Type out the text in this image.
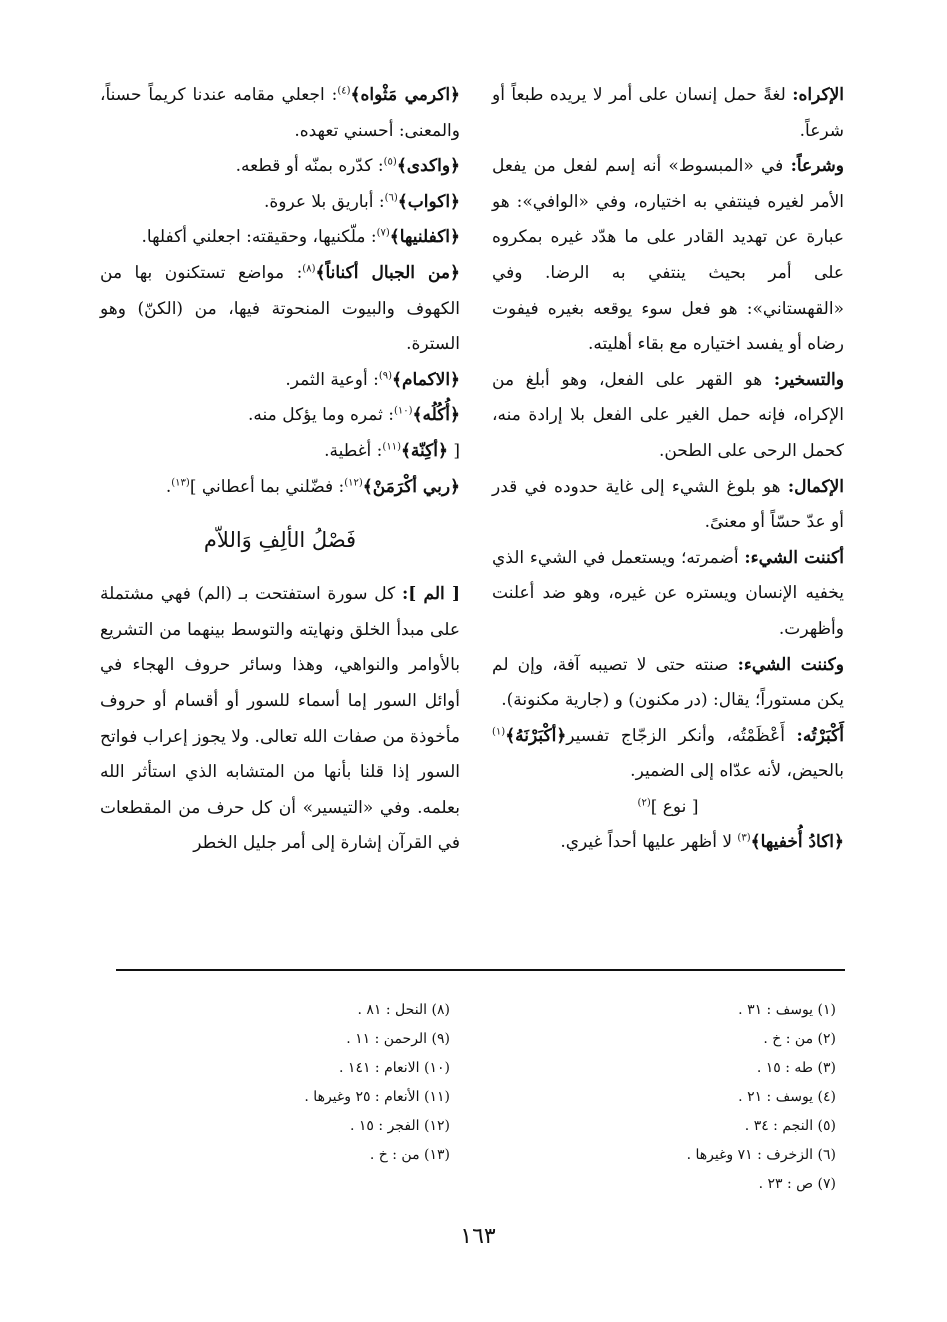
الإكراه: لغةً حمل إنسان على أمر لا يريده طبعاً أو شرعاً.

وشرعاً: في «المبسوط» أنه إسم لفعل من يفعل الأمر لغيره فينتفي به اختياره، وفي «الوافي»: هو عبارة عن تهديد القادر على ما هدّد غيره بمكروه على أمر بحيث ينتفي به الرضا. وفي «القهستاني»: هو فعل سوء يوقعه بغيره فيفوت رضاه أو يفسد اختياره مع بقاء أهليته.

والتسخير: هو القهر على الفعل، وهو أبلغ من الإكراه، فإنه حمل الغير على الفعل بلا إرادة منه، كحمل الرحى على الطحن.

الإكمال: هو بلوغ الشيء إلى غاية حدوده في قدر أو عدّ حسّاً أو معنىً.

أكننت الشيء: أضمرته؛ ويستعمل في الشيء الذي يخفيه الإنسان ويستره عن غيره، وهو ضد أعلنت وأظهرت.

وكننت الشيء: صنته حتى لا تصيبه آفة، وإن لم يكن مستوراً؛ يقال: (در مكنون) و (جارية مكنونة).

أَكْبَرْتُه: أَعْظَمْتُه، وأنكر الزجّاج تفسير﴿أكْبَرْنَهُ﴾$^{(١)}$ بالحيض، لأنه عدّاه إلى الضمير.

[ نوع ]$^{(٢)}$

﴿اكادُ أُخفيها﴾$^{(٣)}$ لا أظهر عليها أحداً غيري.

﴿اكرمي مَثْواه﴾$^{(٤)}$: اجعلي مقامه عندنا كريماً حسناً، والمعنى: أحسني تعهده.

﴿واكدى﴾$^{(٥)}$: كدّره بمنّه أو قطعه.

﴿اكواب﴾$^{(٦)}$: أباريق بلا عروة.

﴿اكفلنيها﴾$^{(٧)}$: ملّكنيها، وحقيقته: اجعلني أكفلها.

﴿من الجبال أكناناً﴾$^{(٨)}$: مواضع تستكنون بها من الكهوف والبيوت المنحوتة فيها، من (الكنّ) وهو السترة.

﴿الاكمام﴾$^{(٩)}$: أوعية الثمر.

﴿أُكُلُه﴾$^{(١٠)}$: ثمره وما يؤكل منه.

[ ﴿أكِنّة﴾$^{(١١)}$: أغطية.

﴿ربي أكْرَمَنْ﴾$^{(١٢)}$: فضّلني بما أعطاني ]$^{(١٣)}$.

فَصْلُ الألِفِ وَاللاّم

[ الم ]: كل سورة استفتحت بـ (الم) فهي مشتملة على مبدأ الخلق ونهايته والتوسط بينهما من التشريع بالأوامر والنواهي، وهذا وسائر حروف الهجاء في أوائل السور إما أسماء للسور أو أقسام أو حروف مأخوذة من صفات الله تعالى. ولا يجوز إعراب فواتح السور إذا قلنا بأنها من المتشابه الذي استأثر الله بعلمه. وفي «التيسير» أن كل حرف من المقطعات في القرآن إشارة إلى أمر جليل الخطر

(١) يوسف : ٣١ .
(٢) من : خ .
(٣) طه : ١٥ .
(٤) يوسف : ٢١ .
(٥) النجم : ٣٤ .
(٦) الزخرف : ٧١ وغيرها .
(٧) ص : ٢٣ .
(٨) النحل : ٨١ .
(٩) الرحمن : ١١ .
(١٠) الانعام : ١٤١ .
(١١) الأنعام : ٢٥ وغيرها .
(١٢) الفجر : ١٥ .
(١٣) من : خ .
١٦٣
